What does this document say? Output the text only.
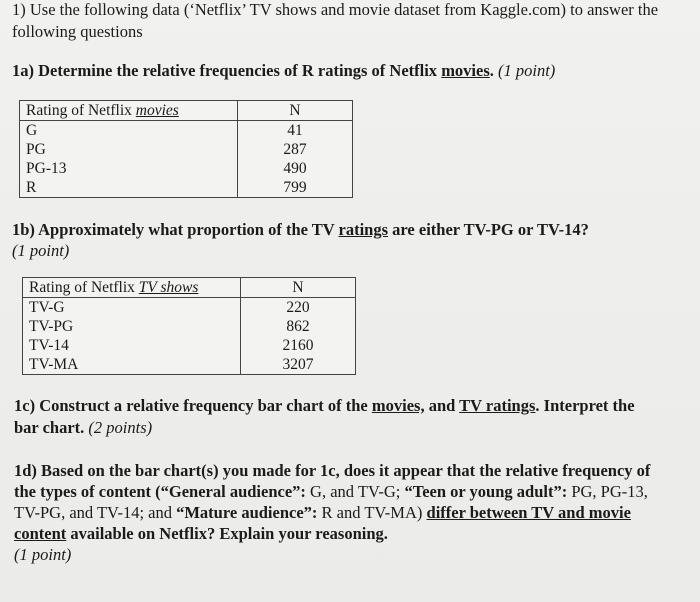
1) Use the following data (‘Netflix’ TV shows and movie dataset from Kaggle.com) to answer the
following questions
1a) Determine the relative frequencies of R ratings of Netflix movies. (1 point)
Rating of Netflix movies	N
G	41
PG	287
PG-13	490
R	799
1b) Approximately what proportion of the TV ratings are either TV-PG or TV-14?
(1 point)
Rating of Netflix TV shows	N
TV-G	220
TV-PG	862
TV-14	2160
TV-MA	3207
1c) Construct a relative frequency bar chart of the movies, and TV ratings. Interpret the
bar chart. (2 points)
1d) Based on the bar chart(s) you made for 1c, does it appear that the relative frequency of
the types of content (“General audience”: G, and TV-G; “Teen or young adult”: PG, PG-13,
TV-PG, and TV-14; and “Mature audience”: R and TV-MA) differ between TV and movie
content available on Netflix? Explain your reasoning.
(1 point)
